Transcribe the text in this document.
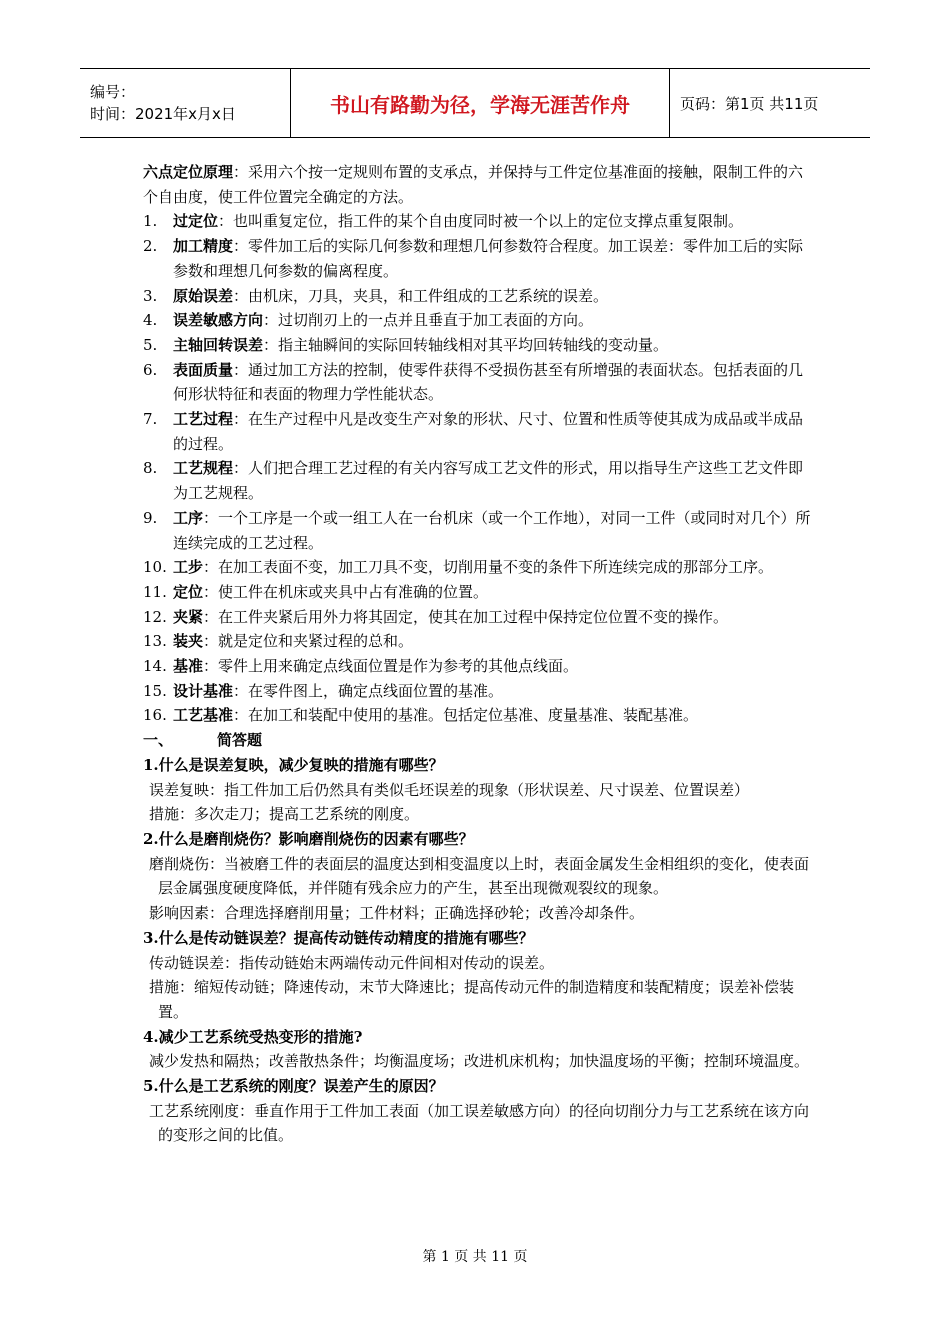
编号：
时间：2021年x月x日	书山有路勤为径，学海无涯苦作舟	页码：第1页 共11页

六点定位原理：采用六个按一定规则布置的支承点，并保持与工件定位基准面的接触，限制工件的六个自由度，使工件位置完全确定的方法。

1.	过定位：也叫重复定位，指工件的某个自由度同时被一个以上的定位支撑点重复限制。
2.	加工精度：零件加工后的实际几何参数和理想几何参数符合程度。加工误差：零件加工后的实际参数和理想几何参数的偏离程度。
3.	原始误差：由机床，刀具，夹具，和工件组成的工艺系统的误差。
4.	误差敏感方向：过切削刃上的一点并且垂直于加工表面的方向。
5.	主轴回转误差：指主轴瞬间的实际回转轴线相对其平均回转轴线的变动量。
6.	表面质量：通过加工方法的控制，使零件获得不受损伤甚至有所增强的表面状态。包括表面的几何形状特征和表面的物理力学性能状态。
7.	工艺过程：在生产过程中凡是改变生产对象的形状、尺寸、位置和性质等使其成为成品或半成品的过程。
8.	工艺规程：人们把合理工艺过程的有关内容写成工艺文件的形式，用以指导生产这些工艺文件即为工艺规程。
9.	工序：一个工序是一个或一组工人在一台机床（或一个工作地），对同一工件（或同时对几个）所连续完成的工艺过程。
10. 工步：在加工表面不变，加工刀具不变，切削用量不变的条件下所连续完成的那部分工序。
11. 定位：使工件在机床或夹具中占有准确的位置。
12. 夹紧：在工件夹紧后用外力将其固定，使其在加工过程中保持定位位置不变的操作。
13. 装夹：就是定位和夹紧过程的总和。
14. 基准：零件上用来确定点线面位置是作为参考的其他点线面。
15. 设计基准：在零件图上，确定点线面位置的基准。
16. 工艺基准：在加工和装配中使用的基准。包括定位基准、度量基准、装配基准。
一、	简答题
1.什么是误差复映，减少复映的措施有哪些？
误差复映：指工件加工后仍然具有类似毛坯误差的现象（形状误差、尺寸误差、位置误差）
措施：多次走刀；提高工艺系统的刚度。
2.什么是磨削烧伤？影响磨削烧伤的因素有哪些？
磨削烧伤：当被磨工件的表面层的温度达到相变温度以上时，表面金属发生金相组织的变化，使表面层金属强度硬度降低，并伴随有残余应力的产生，甚至出现微观裂纹的现象。
影响因素：合理选择磨削用量；工件材料；正确选择砂轮；改善冷却条件。
3.什么是传动链误差？提高传动链传动精度的措施有哪些？
传动链误差：指传动链始末两端传动元件间相对传动的误差。
措施：缩短传动链；降速传动，末节大降速比；提高传动元件的制造精度和装配精度；误差补偿装置。
4.减少工艺系统受热变形的措施?
减少发热和隔热；改善散热条件；均衡温度场；改进机床机构；加快温度场的平衡；控制环境温度。
5.什么是工艺系统的刚度？误差产生的原因？
工艺系统刚度：垂直作用于工件加工表面（加工误差敏感方向）的径向切削分力与工艺系统在该方向的变形之间的比值。
第 1 页 共 11 页
